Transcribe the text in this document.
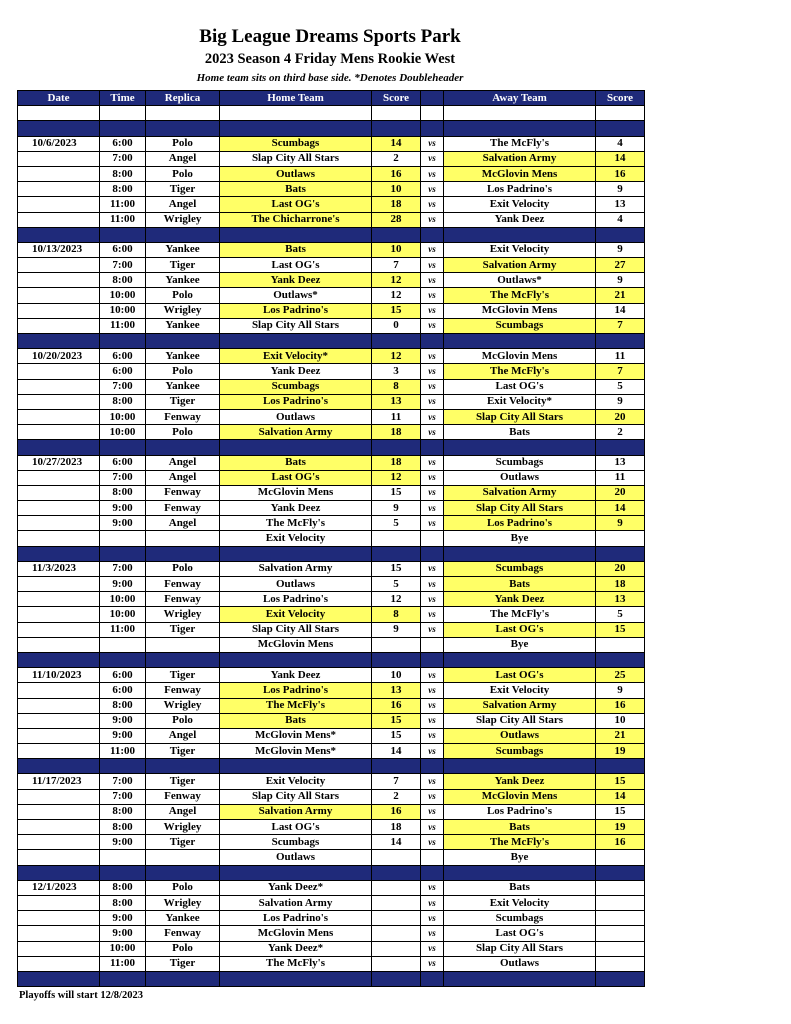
Big League Dreams Sports Park
2023 Season 4 Friday Mens Rookie West
Home team sits on third base side. *Denotes Doubleheader
Date	Time	Replica	Home Team	Score		Away Team	Score

10/6/2023	6:00	Polo	Scumbags	14	vs	The McFly's	4
	7:00	Angel	Slap City All Stars	2	vs	Salvation Army	14
	8:00	Polo	Outlaws	16	vs	McGlovin Mens	16
	8:00	Tiger	Bats	10	vs	Los Padrino's	9
	11:00	Angel	Last OG's	18	vs	Exit Velocity	13
	11:00	Wrigley	The Chicharrone's	28	vs	Yank Deez	4

10/13/2023	6:00	Yankee	Bats	10	vs	Exit Velocity	9
	7:00	Tiger	Last OG's	7	vs	Salvation Army	27
	8:00	Yankee	Yank Deez	12	vs	Outlaws*	9
	10:00	Polo	Outlaws*	12	vs	The McFly's	21
	10:00	Wrigley	Los Padrino's	15	vs	McGlovin Mens	14
	11:00	Yankee	Slap City All Stars	0	vs	Scumbags	7

10/20/2023	6:00	Yankee	Exit Velocity*	12	vs	McGlovin Mens	11
	6:00	Polo	Yank Deez	3	vs	The McFly's	7
	7:00	Yankee	Scumbags	8	vs	Last OG's	5
	8:00	Tiger	Los Padrino's	13	vs	Exit Velocity*	9
	10:00	Fenway	Outlaws	11	vs	Slap City All Stars	20
	10:00	Polo	Salvation Army	18	vs	Bats	2

10/27/2023	6:00	Angel	Bats	18	vs	Scumbags	13
	7:00	Angel	Last OG's	12	vs	Outlaws	11
	8:00	Fenway	McGlovin Mens	15	vs	Salvation Army	20
	9:00	Fenway	Yank Deez	9	vs	Slap City All Stars	14
	9:00	Angel	The McFly's	5	vs	Los Padrino's	9
			Exit Velocity			Bye	

11/3/2023	7:00	Polo	Salvation Army	15	vs	Scumbags	20
	9:00	Fenway	Outlaws	5	vs	Bats	18
	10:00	Fenway	Los Padrino's	12	vs	Yank Deez	13
	10:00	Wrigley	Exit Velocity	8	vs	The McFly's	5
	11:00	Tiger	Slap City All Stars	9	vs	Last OG's	15
			McGlovin Mens			Bye	

11/10/2023	6:00	Tiger	Yank Deez	10	vs	Last OG's	25
	6:00	Fenway	Los Padrino's	13	vs	Exit Velocity	9
	8:00	Wrigley	The McFly's	16	vs	Salvation Army	16
	9:00	Polo	Bats	15	vs	Slap City All Stars	10
	9:00	Angel	McGlovin Mens*	15	vs	Outlaws	21
	11:00	Tiger	McGlovin Mens*	14	vs	Scumbags	19

11/17/2023	7:00	Tiger	Exit Velocity	7	vs	Yank Deez	15
	7:00	Fenway	Slap City All Stars	2	vs	McGlovin Mens	14
	8:00	Angel	Salvation Army	16	vs	Los Padrino's	15
	8:00	Wrigley	Last OG's	18	vs	Bats	19
	9:00	Tiger	Scumbags	14	vs	The McFly's	16
			Outlaws			Bye	

12/1/2023	8:00	Polo	Yank Deez*		vs	Bats	
	8:00	Wrigley	Salvation Army		vs	Exit Velocity	
	9:00	Yankee	Los Padrino's		vs	Scumbags	
	9:00	Fenway	McGlovin Mens		vs	Last OG's	
	10:00	Polo	Yank Deez*		vs	Slap City All Stars	
	11:00	Tiger	The McFly's		vs	Outlaws	

Playoffs will start 12/8/2023
